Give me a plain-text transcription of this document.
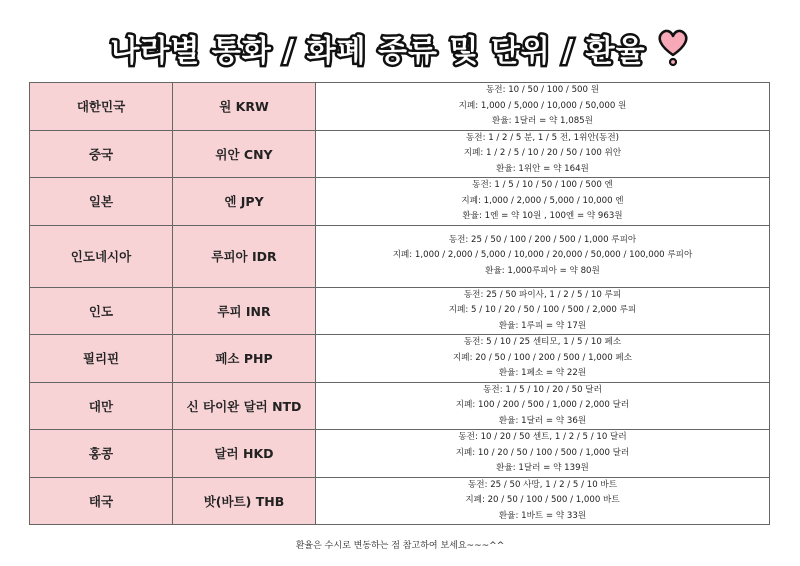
나라별 통화 / 화폐 종류 및 단위 / 환율
대한민국	원 KRW	동전: 10 / 50 / 100 / 500 원
지폐: 1,000 / 5,000 / 10,000 / 50,000 원
환율: 1달러 = 약 1,085원

중국	위안 CNY	동전: 1 / 2 / 5 분, 1 / 5 전, 1위안(동전)
지폐: 1 / 2 / 5 / 10 / 20 / 50 / 100 위안
환율: 1위안 = 약 164원

일본	엔 JPY	동전: 1 / 5 / 10 / 50 / 100 / 500 엔
지폐: 1,000 / 2,000 / 5,000 / 10,000 엔
환율: 1엔 = 약 10원 , 100엔 = 약 963원

인도네시아	루피아 IDR	동전: 25 / 50 / 100 / 200 / 500 / 1,000 루피아
지폐: 1,000 / 2,000 / 5,000 / 10,000 / 20,000 / 50,000 / 100,000 루피아
환율: 1,000루피아 = 약 80원

인도	루피 INR	동전: 25 / 50 파이사, 1 / 2 / 5 / 10 루피
지폐: 5 / 10 / 20 / 50 / 100 / 500 / 2,000 루피
환율: 1루피 = 약 17원

필리핀	페소 PHP	동전: 5 / 10 / 25 센티모, 1 / 5 / 10 페소
지폐: 20 / 50 / 100 / 200 / 500 / 1,000 페소
환율: 1페소 = 약 22원

대만	신 타이완 달러 NTD	동전: 1 / 5 / 10 / 20 / 50 달러
지폐: 100 / 200 / 500 / 1,000 / 2,000 달러
환율: 1달러 = 약 36원

홍콩	달러 HKD	동전: 10 / 20 / 50 센트, 1 / 2 / 5 / 10 달러
지폐: 10 / 20 / 50 / 100 / 500 / 1,000 달러
환율: 1달러 = 약 139원

태국	밧(바트) THB	동전: 25 / 50 사땅, 1 / 2 / 5 / 10 바트
지폐: 20 / 50 / 100 / 500 / 1,000 바트
환율: 1바트 = 약 33원
환율은 수시로 변동하는 점 참고하여 보세요~~~^^
